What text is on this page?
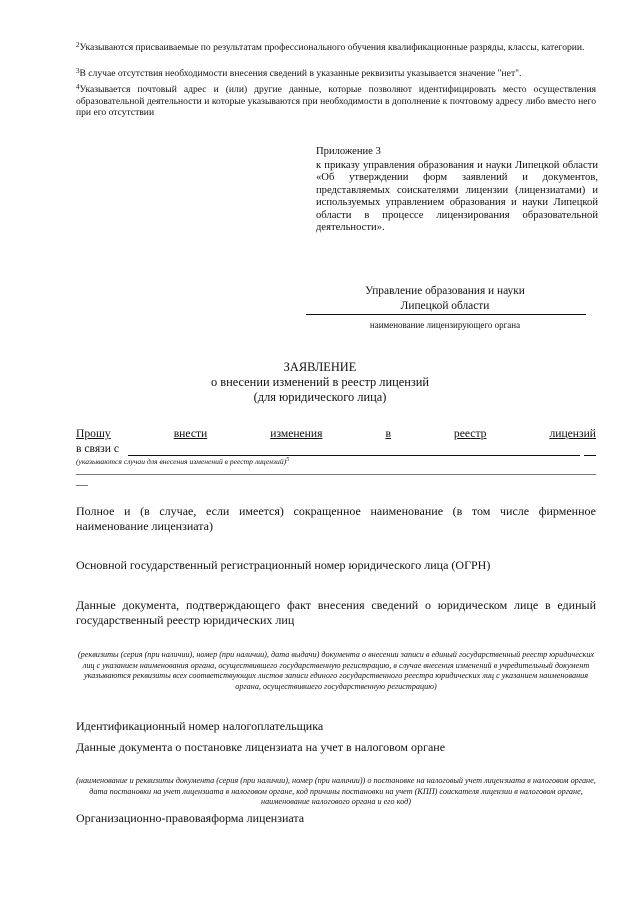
$^2$Указываются присваиваемые по результатам профессионального обучения квалификационные разряды, классы, категории.
$^3$В случае отсутствия необходимости внесения сведений в указанные реквизиты указывается значение "нет".
$^4$Указывается почтовый адрес и (или) другие данные, которые позволяют идентифицировать место осуществления образовательной деятельности и которые указываются при необходимости в дополнение к почтовому адресу либо вместо него при его отсутствии
Приложение 3
к приказу управления образования и науки Липецкой области «Об утверждении форм заявлений и документов, представляемых соискателями лицензии (лицензиатами) и используемых управлением образования и науки Липецкой области в процессе лицензирования образовательной деятельности».
Управление образования и науки
Липецкой области
наименование лицензирующего органа
ЗАЯВЛЕНИЕ
о внесении изменений в реестр лицензий
(для юридического лица)
Прошу	внести	изменения	в	реестр	лицензий
в связи с
(указываются случаи для внесения изменений в реестр лицензий)$^5$
Полное и (в случае, если имеется) сокращенное наименование (в том числе фирменное наименование лицензиата)
Основной государственный регистрационный номер юридического лица (ОГРН)
Данные документа, подтверждающего факт внесения сведений о юридическом лице в единый государственный реестр юридических лиц
(реквизиты (серия (при наличии), номер (при наличии), дата выдачи) документа о внесении записи в единый государственный реестр юридических лиц с указанием наименования органа, осуществившего государственную регистрацию, в случае внесения изменений в учредительный документ указываются реквизиты всех соответствующих листов записи единого государственного реестра юридических лиц с указанием наименования органа, осуществившего государственную регистрацию)
Идентификационный номер налогоплательщика
Данные документа о постановке лицензиата на учет в налоговом органе
(наименование и реквизиты документа (серия (при наличии), номер (при наличии)) о постановке на налоговый учет лицензиата в налоговом органе, дата постановки на учет лицензиата в налоговом органе, код причины постановки на учет (КПП) соискателя лицензии в налоговом органе, наименование налогового органа и его код)
Организационно-правоваяформа лицензиата
